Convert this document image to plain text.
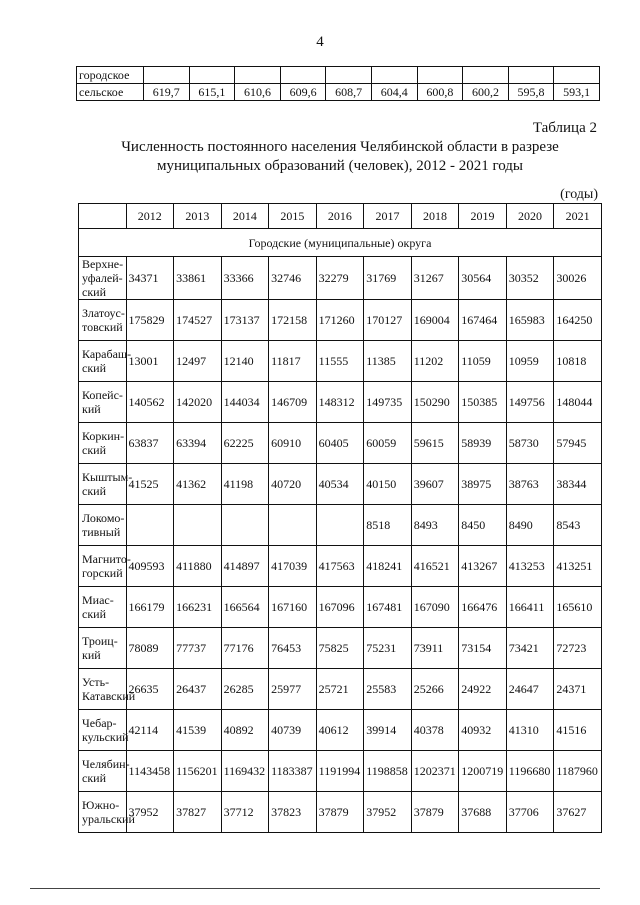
4
городское										
сельское	619,7	615,1	610,6	609,6	608,7	604,4	600,8	600,2	595,8	593,1
Таблица 2
Численность постоянного населения Челябинской области в разрезе
муниципальных образований (человек), 2012 - 2021 годы
(годы)
	2012	2013	2014	2015	2016	2017	2018	2019	2020	2021
Городские (муниципальные) округа										
Верхне-уфалей-ский	34371	33861	33366	32746	32279	31769	31267	30564	30352	30026
Златоус-товский	175829	174527	173137	172158	171260	170127	169004	167464	165983	164250
Карабаш-ский	13001	12497	12140	11817	11555	11385	11202	11059	10959	10818
Копейс-кий	140562	142020	144034	146709	148312	149735	150290	150385	149756	148044
Коркин-ский	63837	63394	62225	60910	60405	60059	59615	58939	58730	57945
Кыштым-ский	41525	41362	41198	40720	40534	40150	39607	38975	38763	38344
Локомо-тивный						8518	8493	8450	8490	8543
Магнито-горский	409593	411880	414897	417039	417563	418241	416521	413267	413253	413251
Миас-ский	166179	166231	166564	167160	167096	167481	167090	166476	166411	165610
Троиц-кий	78089	77737	77176	76453	75825	75231	73911	73154	73421	72723
Усть-Катавский	26635	26437	26285	25977	25721	25583	25266	24922	24647	24371
Чебар-кульский	42114	41539	40892	40739	40612	39914	40378	40932	41310	41516
Челябин-ский	1143458	1156201	1169432	1183387	1191994	1198858	1202371	1200719	1196680	1187960
Южно-уральский	37952	37827	37712	37823	37879	37952	37879	37688	37706	37627
